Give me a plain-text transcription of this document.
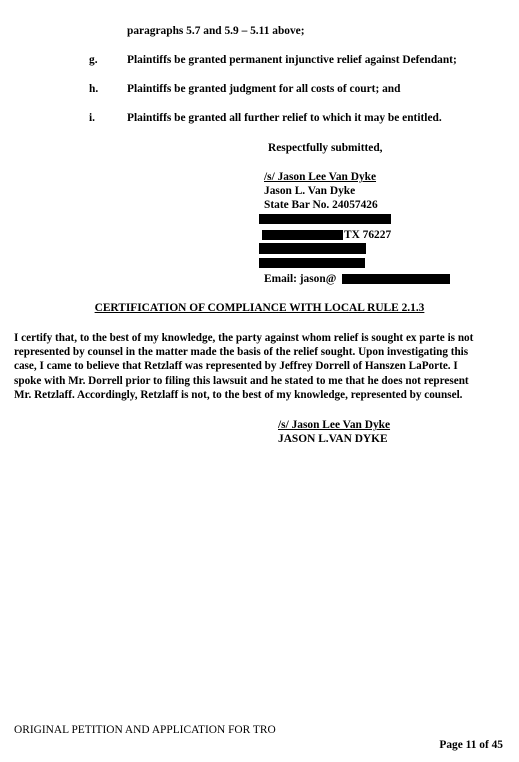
paragraphs 5.7 and 5.9 – 5.11 above;
g.	Plaintiffs be granted permanent injunctive relief against Defendant;
h.	Plaintiffs be granted judgment for all costs of court; and
i.	Plaintiffs be granted all further relief to which it may be entitled.
Respectfully submitted,
/s/ Jason Lee Van Dyke
Jason L. Van Dyke
State Bar No. 24057426
TX 76227
Email: jason@
CERTIFICATION OF COMPLIANCE WITH LOCAL RULE 2.1.3
I certify that, to the best of my knowledge, the party against whom relief is sought ex parte is not
represented by counsel in the matter made the basis of the relief sought. Upon investigating this
case, I came to believe that Retzlaff was represented by Jeffrey Dorrell of Hanszen LaPorte. I
spoke with Mr. Dorrell prior to filing this lawsuit and he stated to me that he does not represent
Mr. Retzlaff. Accordingly, Retzlaff is not, to the best of my knowledge, represented by counsel.
/s/ Jason Lee Van Dyke
JASON L.VAN DYKE
ORIGINAL PETITION AND APPLICATION FOR TRO
Page 11 of 45
